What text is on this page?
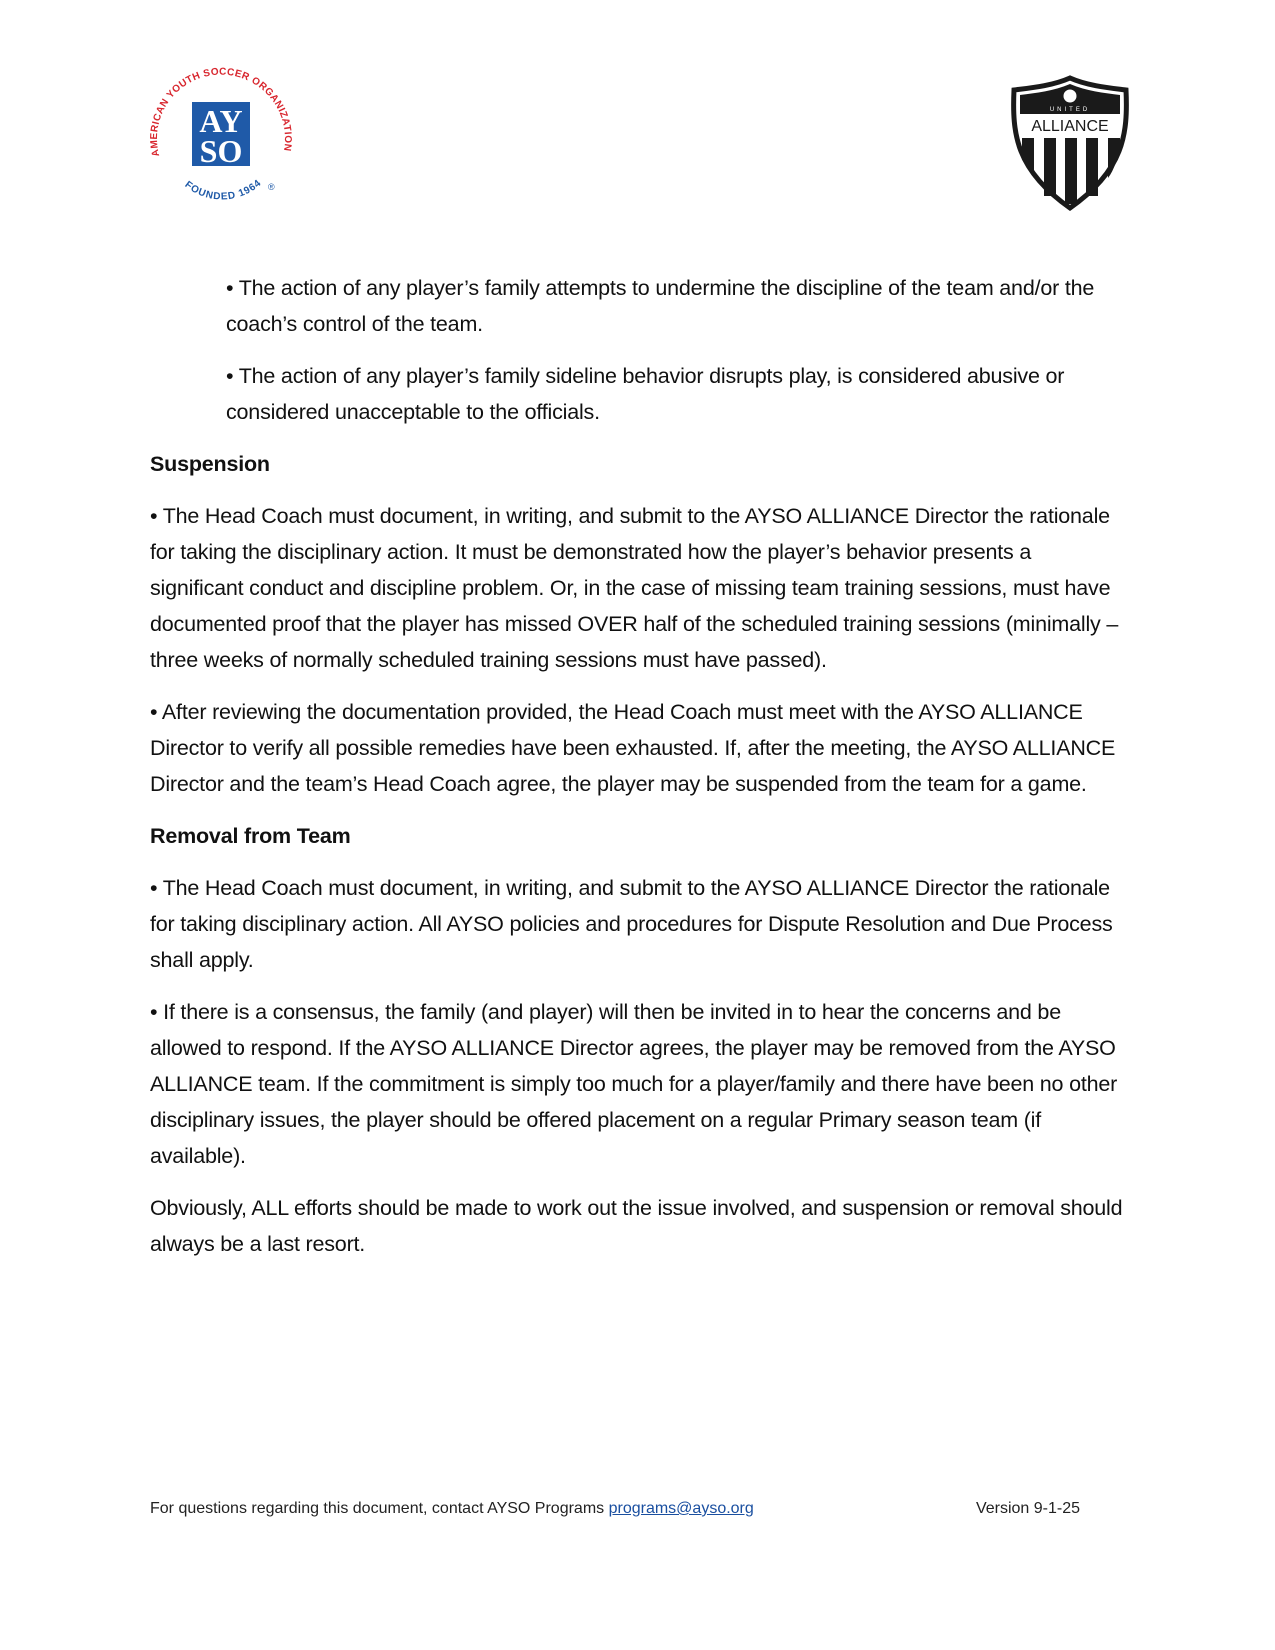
AY
SO
AMERICAN YOUTH SOCCER ORGANIZATION
FOUNDED 1964 ®
UNITED
ALLIANCE

• The action of any player’s family attempts to undermine the discipline of the team and/or the coach’s control of the team.

• The action of any player’s family sideline behavior disrupts play, is considered abusive or considered unacceptable to the officials.

Suspension

• The Head Coach must document, in writing, and submit to the AYSO ALLIANCE Director the rationale for taking the disciplinary action. It must be demonstrated how the player’s behavior presents a significant conduct and discipline problem. Or, in the case of missing team training sessions, must have documented proof that the player has missed OVER half of the scheduled training sessions (minimally – three weeks of normally scheduled training sessions must have passed).

• After reviewing the documentation provided, the Head Coach must meet with the AYSO ALLIANCE Director to verify all possible remedies have been exhausted. If, after the meeting, the AYSO ALLIANCE Director and the team’s Head Coach agree, the player may be suspended from the team for a game.

Removal from Team

• The Head Coach must document, in writing, and submit to the AYSO ALLIANCE Director the rationale for taking disciplinary action. All AYSO policies and procedures for Dispute Resolution and Due Process shall apply.

• If there is a consensus, the family (and player) will then be invited in to hear the concerns and be allowed to respond. If the AYSO ALLIANCE Director agrees, the player may be removed from the AYSO ALLIANCE team. If the commitment is simply too much for a player/family and there have been no other disciplinary issues, the player should be offered placement on a regular Primary season team (if available).

Obviously, ALL efforts should be made to work out the issue involved, and suspension or removal should always be a last resort.

For questions regarding this document, contact AYSO Programs programs@ayso.org	Version 9-1-25
